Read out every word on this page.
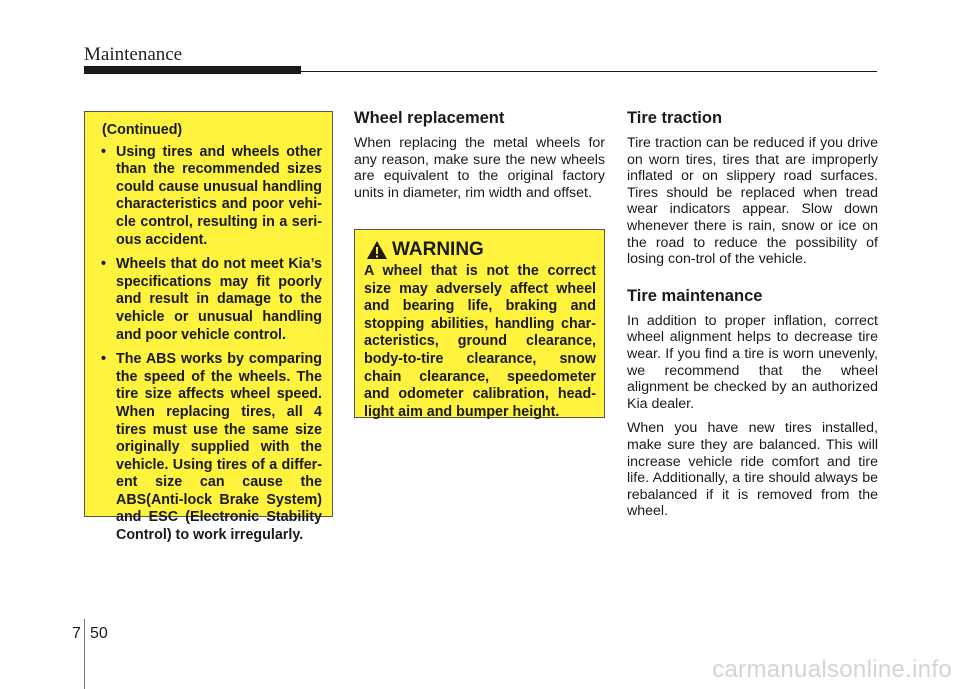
Maintenance
(Continued)
• Using tires and wheels other than the recommended sizes could cause unusual handling characteristics and poor vehi-cle control, resulting in a seri-ous accident.
• Wheels that do not meet Kia’s specifications may fit poorly and result in damage to the vehicle or unusual handling and poor vehicle control.
• The ABS works by comparing the speed of the wheels. The tire size affects wheel speed. When replacing tires, all 4 tires must use the same size originally supplied with the vehicle. Using tires of a differ-ent size can cause the ABS(Anti-lock Brake System) and ESC (Electronic Stability Control) to work irregularly.
Wheel replacement

When replacing the metal wheels for any reason, make sure the new wheels are equivalent to the original factory units in diameter, rim width and offset.

WARNING
A wheel that is not the correct size may adversely affect wheel and bearing life, braking and stopping abilities, handling char-acteristics, ground clearance, body-to-tire clearance, snow chain clearance, speedometer and odometer calibration, head-light aim and bumper height.
Tire traction

Tire traction can be reduced if you drive on worn tires, tires that are improperly inflated or on slippery road surfaces. Tires should be replaced when tread wear indicators appear. Slow down whenever there is rain, snow or ice on the road to reduce the possibility of losing con-trol of the vehicle.

Tire maintenance

In addition to proper inflation, correct wheel alignment helps to decrease tire wear. If you find a tire is worn unevenly, we recommend that the wheel alignment be checked by an authorized Kia dealer.

When you have new tires installed, make sure they are balanced. This will increase vehicle ride comfort and tire life. Additionally, a tire should always be rebalanced if it is removed from the wheel.

7 50
carmanualsonline.info
